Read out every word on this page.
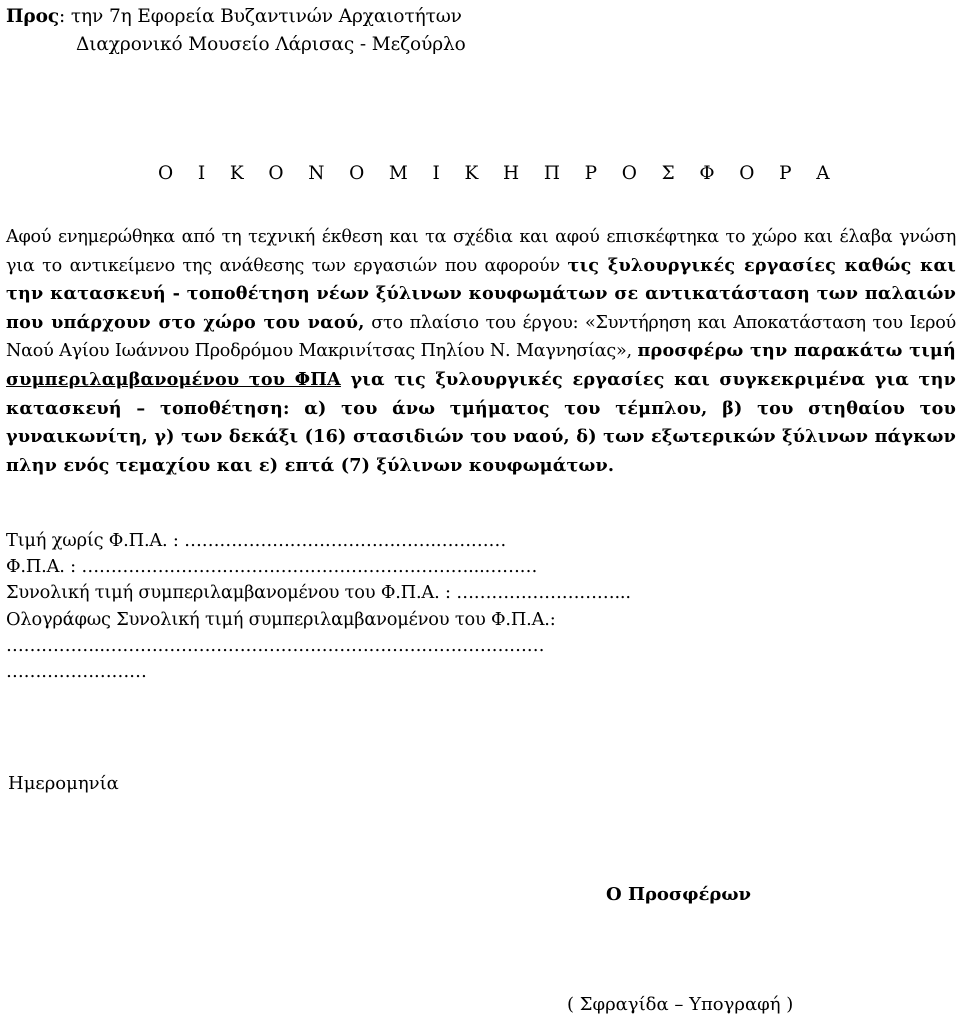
Προς: την 7η Εφορεία Βυζαντινών Αρχαιοτήτων
Διαχρονικό Μουσείο Λάρισας - Μεζούρλο
Ο Ι Κ Ο Ν Ο Μ Ι Κ Η Π Ρ Ο Σ Φ Ο Ρ Α
Αφού ενημερώθηκα από τη τεχνική έκθεση και τα σχέδια και αφού επισκέφτηκα το χώρο και έλαβα γνώση για το αντικείμενο της ανάθεσης των εργασιών που αφορούν τις ξυλουργικές εργασίες καθώς και την κατασκευή - τοποθέτηση νέων ξύλινων κουφωμάτων σε αντικατάσταση των παλαιών που υπάρχουν στο χώρο του ναού, στο πλαίσιο του έργου: «Συντήρηση και Αποκατάσταση του Ιερού Ναού Αγίου Ιωάννου Προδρόμου Μακρινίτσας Πηλίου Ν. Μαγνησίας», προσφέρω την παρακάτω τιμή συμπεριλαμβανομένου του ΦΠΑ για τις ξυλουργικές εργασίες και συγκεκριμένα για την κατασκευή – τοποθέτηση: α) του άνω τμήματος του τέμπλου, β) του στηθαίου του γυναικωνίτη, γ) των δεκάξι (16) στασιδιών του ναού, δ) των εξωτερικών ξύλινων πάγκων πλην ενός τεμαχίου και ε) επτά (7) ξύλινων κουφωμάτων.
Τιμή χωρίς Φ.Π.Α. : …………………………………….…………
Φ.Π.Α. : …………………………………………………………...………
Συνολική τιμή συμπεριλαμβανομένου του Φ.Π.Α. : ………………………...
Ολογράφως Συνολική τιμή συμπεριλαμβανομένου του Φ.Π.Α.:
……………..…………………………………………………………………
……………………
Ημερομηνία
Ο Προσφέρων
( Σφραγίδα – Υπογραφή )
